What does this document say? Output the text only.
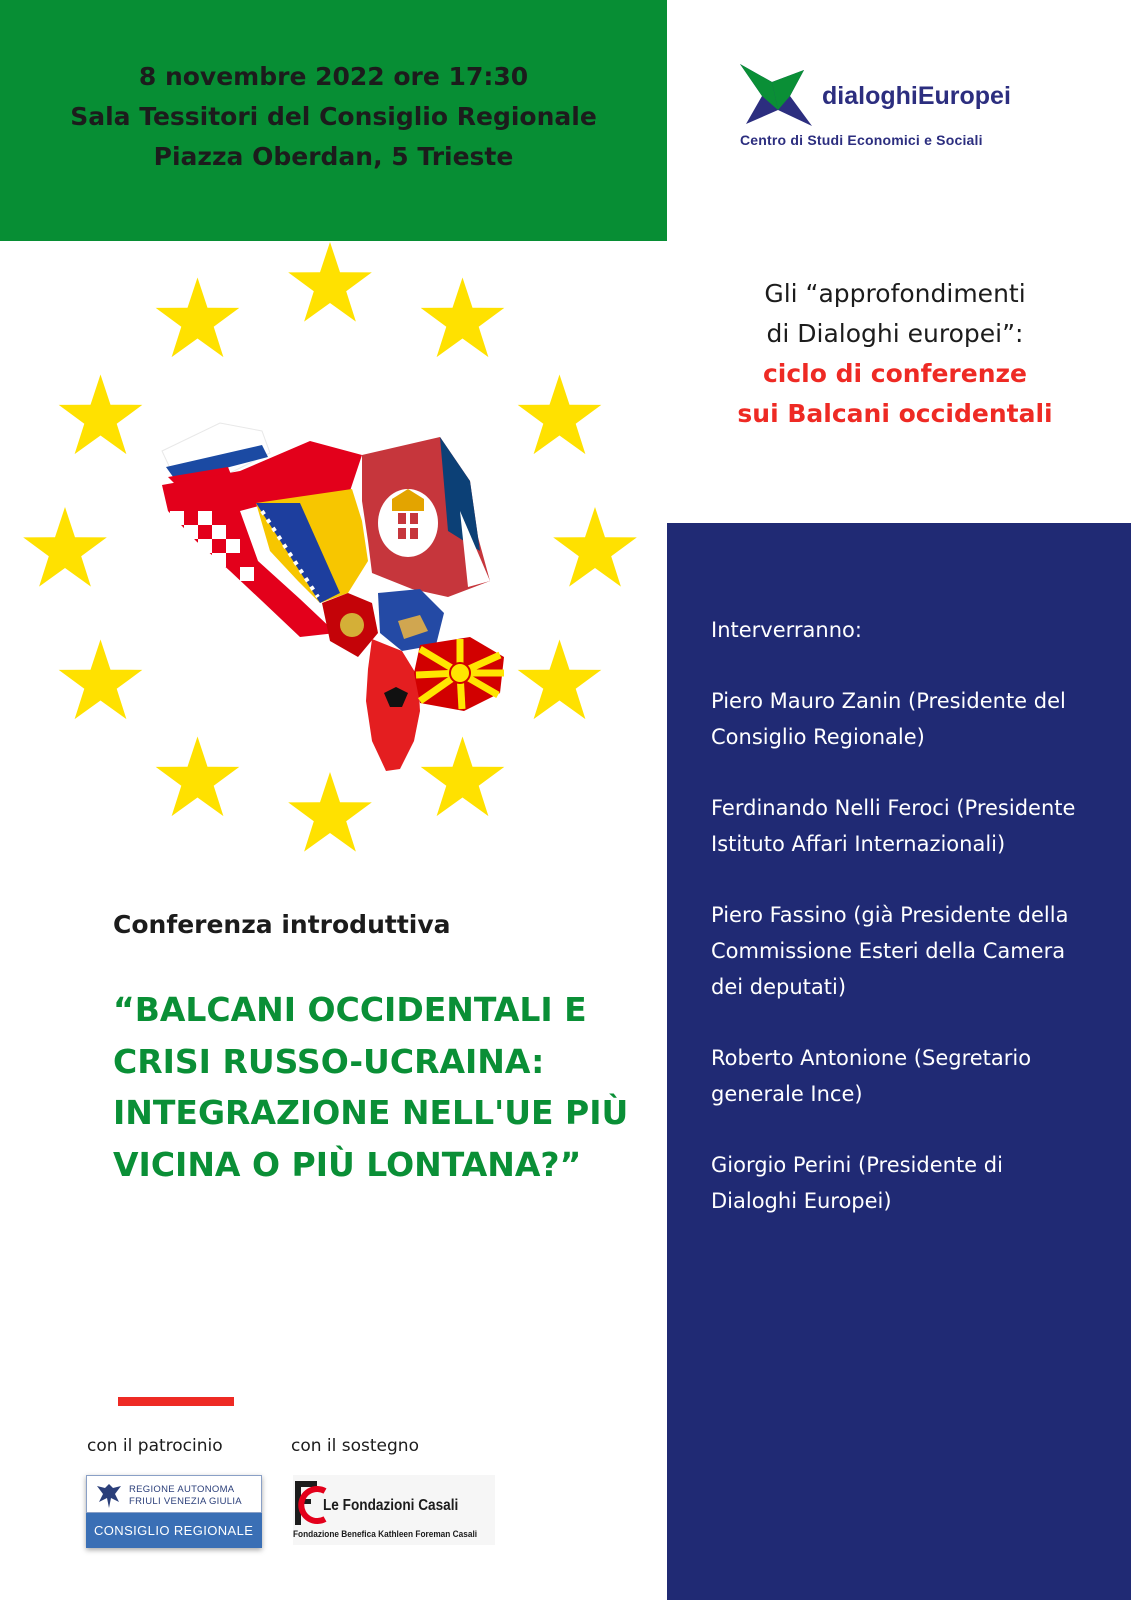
8 novembre 2022 ore 17:30
Sala Tessitori del Consiglio Regionale
Piazza Oberdan, 5 Trieste
dialoghiEuropei
Centro di Studi Economici e Sociali
Gli “approfondimenti
di Dialoghi europei”:
ciclo di conferenze
sui Balcani occidentali
Interverranno:
Piero Mauro Zanin (Presidente del Consiglio Regionale)
Ferdinando Nelli Feroci (Presidente Istituto Affari Internazionali)
Piero Fassino (già Presidente della Commissione Esteri della Camera dei deputati)
Roberto Antonione (Segretario generale Ince)
Giorgio Perini (Presidente di Dialoghi Europei)
Conferenza introduttiva
“BALCANI OCCIDENTALI E CRISI RUSSO-UCRAINA: INTEGRAZIONE NELL'UE PIÙ VICINA O PIÙ LONTANA?”
con il patrocinio	con il sostegno
REGIONE AUTONOMA
FRIULI VENEZIA GIULIA
CONSIGLIO REGIONALE
Le Fondazioni Casali
Fondazione Benefica Kathleen Foreman Casali
